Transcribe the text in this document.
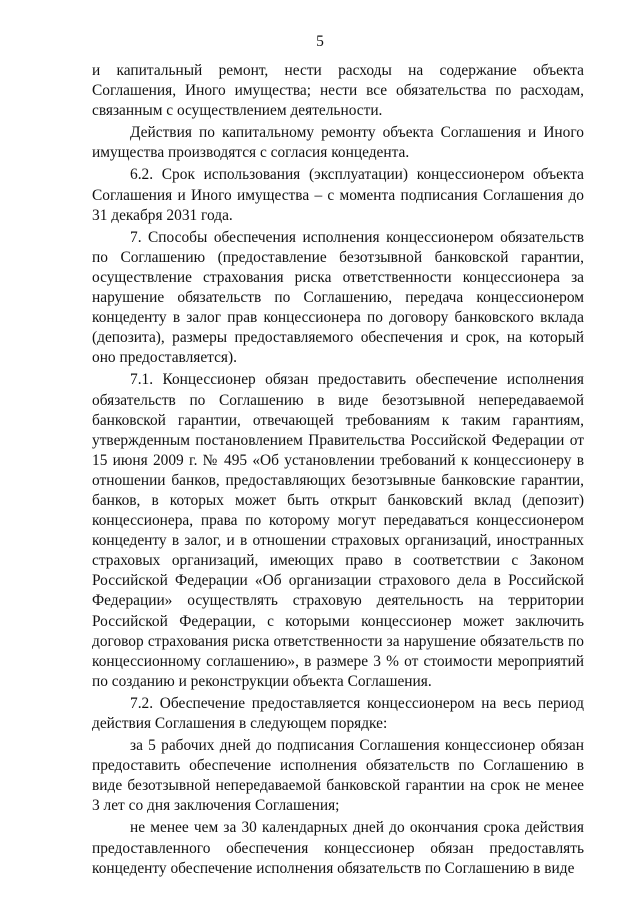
5

и капитальный ремонт, нести расходы на содержание объекта Соглашения, Иного имущества; нести все обязательства по расходам, связанным с осуществлением деятельности.

Действия по капитальному ремонту объекта Соглашения и Иного имущества производятся с согласия концедента.

6.2. Срок использования (эксплуатации) концессионером объекта Соглашения и Иного имущества – с момента подписания Соглашения до 31 декабря 2031 года.

7. Способы обеспечения исполнения концессионером обязательств по Соглашению (предоставление безотзывной банковской гарантии, осуществление страхования риска ответственности концессионера за нарушение обязательств по Соглашению, передача концессионером концеденту в залог прав концессионера по договору банковского вклада (депозита), размеры предоставляемого обеспечения и срок, на который оно предоставляется).

7.1. Концессионер обязан предоставить обеспечение исполнения обязательств по Соглашению в виде безотзывной непередаваемой банковской гарантии, отвечающей требованиям к таким гарантиям, утвержденным постановлением Правительства Российской Федерации от 15 июня 2009 г. № 495 «Об установлении требований к концессионеру в отношении банков, предоставляющих безотзывные банковские гарантии, банков, в которых может быть открыт банковский вклад (депозит) концессионера, права по которому могут передаваться концессионером концеденту в залог, и в отношении страховых организаций, иностранных страховых организаций, имеющих право в соответствии с Законом Российской Федерации «Об организации страхового дела в Российской Федерации» осуществлять страховую деятельность на территории Российской Федерации, с которыми концессионер может заключить договор страхования риска ответственности за нарушение обязательств по концессионному соглашению», в размере 3 % от стоимости мероприятий по созданию и реконструкции объекта Соглашения.

7.2. Обеспечение предоставляется концессионером на весь период действия Соглашения в следующем порядке:

за 5 рабочих дней до подписания Соглашения концессионер обязан предоставить обеспечение исполнения обязательств по Соглашению в виде безотзывной непередаваемой банковской гарантии на срок не менее 3 лет со дня заключения Соглашения;

не менее чем за 30 календарных дней до окончания срока действия предоставленного обеспечения концессионер обязан предоставлять концеденту обеспечение исполнения обязательств по Соглашению в виде
